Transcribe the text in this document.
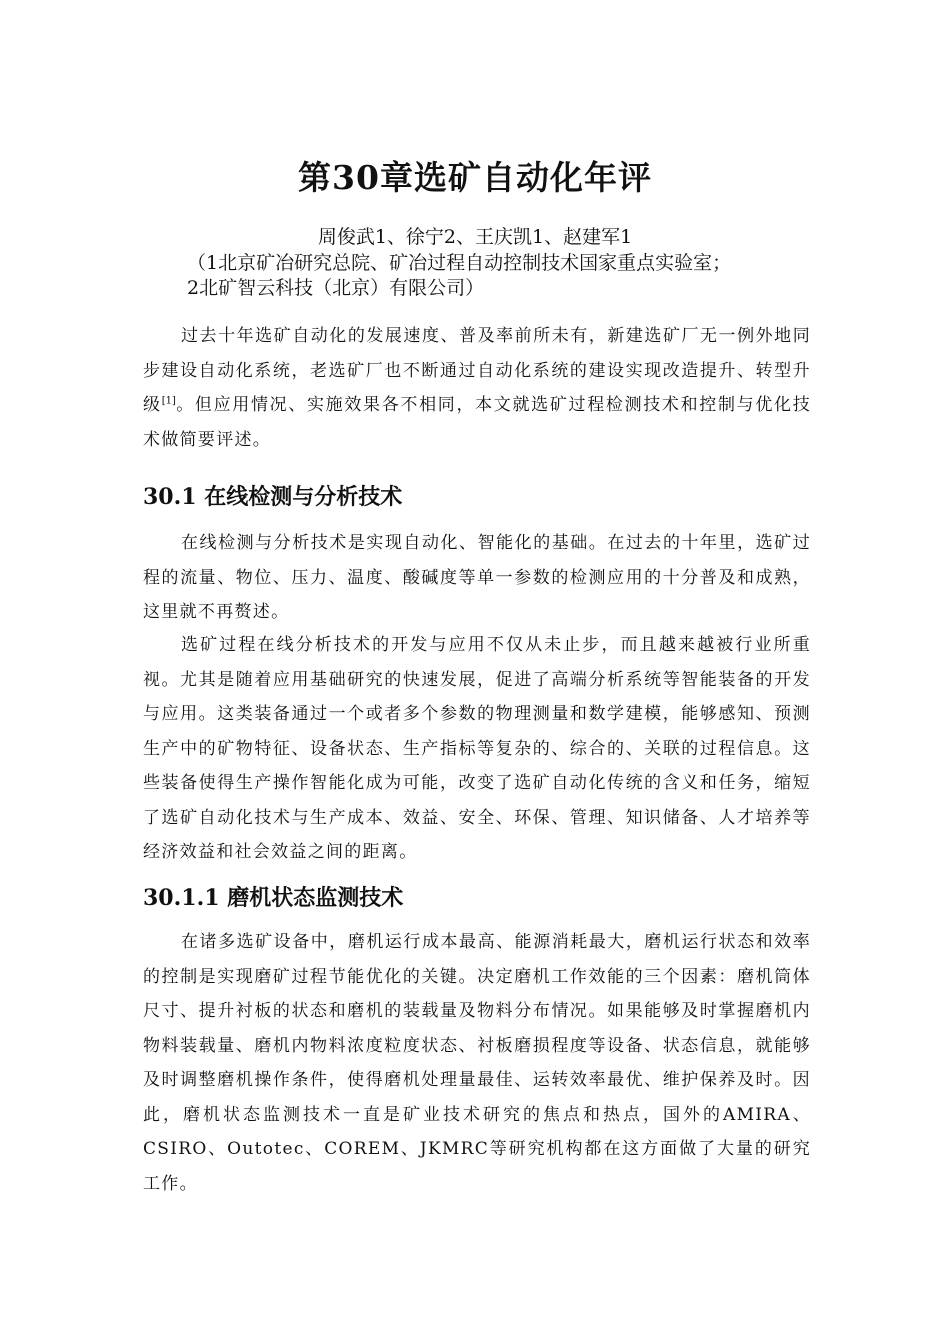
第30章选矿自动化年评
周俊武1、徐宁2、王庆凯1、赵建军1
（1北京矿冶研究总院、矿冶过程自动控制技术国家重点实验室；
2北矿智云科技（北京）有限公司）

过去十年选矿自动化的发展速度、普及率前所未有，新建选矿厂无一例外地同步建设自动化系统，老选矿厂也不断通过自动化系统的建设实现改造提升、转型升级[1]。但应用情况、实施效果各不相同，本文就选矿过程检测技术和控制与优化技术做简要评述。

30.1 在线检测与分析技术

在线检测与分析技术是实现自动化、智能化的基础。在过去的十年里，选矿过程的流量、物位、压力、温度、酸碱度等单一参数的检测应用的十分普及和成熟，这里就不再赘述。

选矿过程在线分析技术的开发与应用不仅从未止步，而且越来越被行业所重视。尤其是随着应用基础研究的快速发展，促进了高端分析系统等智能装备的开发与应用。这类装备通过一个或者多个参数的物理测量和数学建模，能够感知、预测生产中的矿物特征、设备状态、生产指标等复杂的、综合的、关联的过程信息。这些装备使得生产操作智能化成为可能，改变了选矿自动化传统的含义和任务，缩短了选矿自动化技术与生产成本、效益、安全、环保、管理、知识储备、人才培养等经济效益和社会效益之间的距离。

30.1.1 磨机状态监测技术

在诸多选矿设备中，磨机运行成本最高、能源消耗最大，磨机运行状态和效率的控制是实现磨矿过程节能优化的关键。决定磨机工作效能的三个因素：磨机筒体尺寸、提升衬板的状态和磨机的装载量及物料分布情况。如果能够及时掌握磨机内物料装载量、磨机内物料浓度粒度状态、衬板磨损程度等设备、状态信息，就能够及时调整磨机操作条件，使得磨机处理量最佳、运转效率最优、维护保养及时。因此，磨机状态监测技术一直是矿业技术研究的焦点和热点，国外的AMIRA、CSIRO、Outotec、COREM、JKMRC等研究机构都在这方面做了大量的研究工作。
